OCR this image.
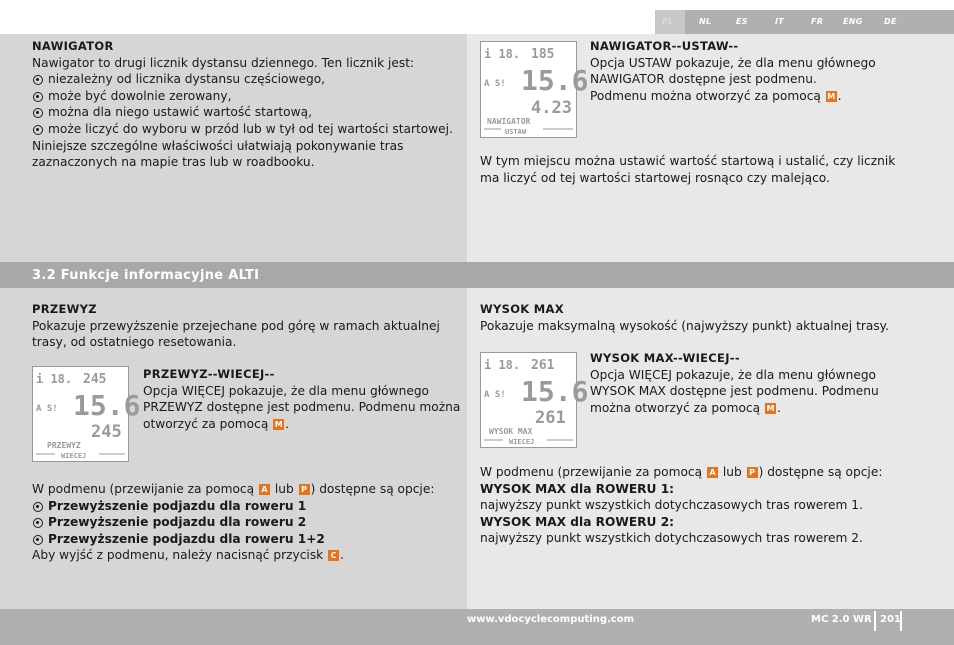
PL	NL	ES	IT	FR ENG	DE
3.2 Funkcje informacyjne ALTI
NAWIGATOR
Nawigator to drugi licznik dystansu dziennego. Ten licznik jest:
niezależny od licznika dystansu częściowego,
może być dowolnie zerowany,
można dla niego ustawić wartość startową,
może liczyć do wyboru w przód lub w tył od tej wartości startowej.
Niniejsze szczególne właściwości ułatwiają pokonywanie tras
zaznaczonych na mapie tras lub w roadbooku.
i 18. 185
A S! 15.6
4.23
NAWIGATOR
USTAW
NAWIGATOR--USTAW--
Opcja USTAW pokazuje, że dla menu głównego
NAWIGATOR dostępne jest podmenu.
Podmenu można otworzyć za pomocą M .
W tym miejscu można ustawić wartość startową i ustalić, czy licznik
ma liczyć od tej wartości startowej rosnąco czy malejąco.
PRZEWYZ
Pokazuje przewyższenie przejechane pod górę w ramach aktualnej
trasy, od ostatniego resetowania.
i 18. 245
A S! 15.6
245
PRZEWYZ
WIECEJ
PRZEWYZ--WIECEJ--
Opcja WIĘCEJ pokazuje, że dla menu głównego
PRZEWYZ dostępne jest podmenu. Podmenu można
otworzyć za pomocą M .
W podmenu (przewijanie za pomocą A lub P ) dostępne są opcje:
Przewyższenie podjazdu dla roweru 1
Przewyższenie podjazdu dla roweru 2
Przewyższenie podjazdu dla roweru 1+2
Aby wyjść z podmenu, należy nacisnąć przycisk C .
WYSOK MAX
Pokazuje maksymalną wysokość (najwyższy punkt) aktualnej trasy.
i 18. 261
A S! 15.6
261
WYSOK MAX
WIECEJ
WYSOK MAX--WIECEJ--
Opcja WIĘCEJ pokazuje, że dla menu głównego
WYSOK MAX dostępne jest podmenu. Podmenu
można otworzyć za pomocą M .
W podmenu (przewijanie za pomocą A lub P ) dostępne są opcje:
WYSOK MAX dla ROWERU 1:
najwyższy punkt wszystkich dotychczasowych tras rowerem 1.
WYSOK MAX dla ROWERU 2:
najwyższy punkt wszystkich dotychczasowych tras rowerem 2.
www.vdocyclecomputing.com	MC 2.0 WR 201
